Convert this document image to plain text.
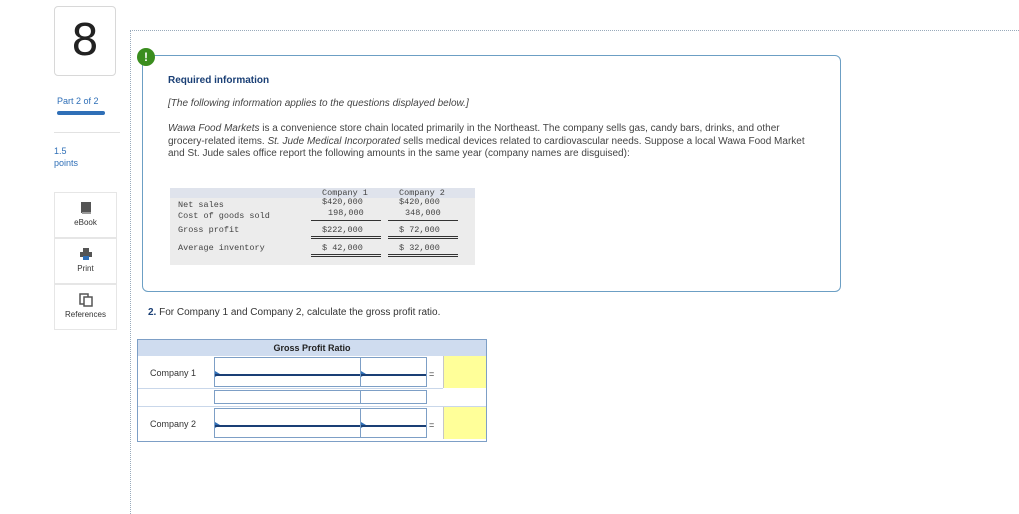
8
Part 2 of 2
1.5
points
eBook
Print
References
!
Required information
[The following information applies to the questions displayed below.]
Wawa Food Markets is a convenience store chain located primarily in the Northeast. The company sells gas, candy bars, drinks, and other grocery-related items. St. Jude Medical Incorporated sells medical devices related to cardiovascular needs. Suppose a local Wawa Food Market and St. Jude sales office report the following amounts in the same year (company names are disguised):
Company 1	Company 2
Net sales	$420,000	$420,000
Cost of goods sold	198,000	348,000
Gross profit	$222,000	$ 72,000
Average inventory	$ 42,000	$ 32,000
2. For Company 1 and Company 2, calculate the gross profit ratio.
Gross Profit Ratio
Company 1	=
Company 2	=
